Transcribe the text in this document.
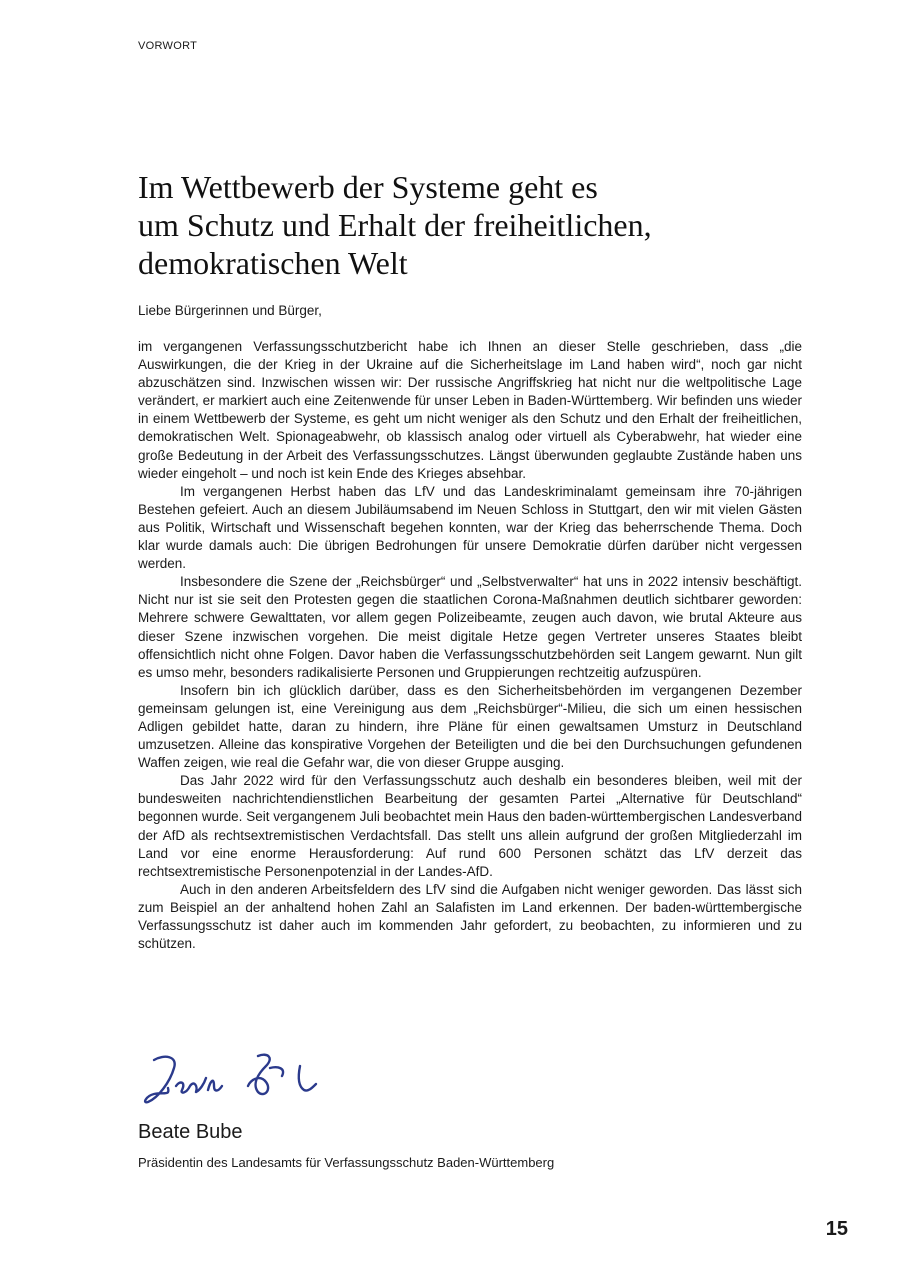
VORWORT
Im Wettbewerb der Systeme geht es
um Schutz und Erhalt der freiheitlichen,
demokratischen Welt
Liebe Bürgerinnen und Bürger,

im vergangenen Verfassungsschutzbericht habe ich Ihnen an dieser Stelle geschrieben, dass „die Auswirkungen, die der Krieg in der Ukraine auf die Sicherheitslage im Land haben wird“, noch gar nicht abzuschätzen sind. Inzwischen wissen wir: Der russische Angriffskrieg hat nicht nur die weltpolitische Lage verändert, er markiert auch eine Zeitenwende für unser Leben in Baden-Württemberg. Wir befinden uns wieder in einem Wettbewerb der Systeme, es geht um nicht weniger als den Schutz und den Erhalt der freiheitlichen, demokratischen Welt. Spionageabwehr, ob klassisch analog oder virtuell als Cyberabwehr, hat wieder eine große Bedeutung in der Arbeit des Verfassungsschutzes. Längst überwunden geglaubte Zustände haben uns wieder eingeholt – und noch ist kein Ende des Krieges absehbar.

Im vergangenen Herbst haben das LfV und das Landeskriminalamt gemeinsam ihre 70-jährigen Bestehen gefeiert. Auch an diesem Jubiläumsabend im Neuen Schloss in Stuttgart, den wir mit vielen Gästen aus Politik, Wirtschaft und Wissenschaft begehen konnten, war der Krieg das beherrschende Thema. Doch klar wurde damals auch: Die übrigen Bedrohungen für unsere Demokratie dürfen darüber nicht vergessen werden.

Insbesondere die Szene der „Reichsbürger“ und „Selbstverwalter“ hat uns in 2022 intensiv beschäftigt. Nicht nur ist sie seit den Protesten gegen die staatlichen Corona-Maßnahmen deutlich sichtbarer geworden: Mehrere schwere Gewalttaten, vor allem gegen Polizeibeamte, zeugen auch davon, wie brutal Akteure aus dieser Szene inzwischen vorgehen. Die meist digitale Hetze gegen Vertreter unseres Staates bleibt offensichtlich nicht ohne Folgen. Davor haben die Verfassungsschutzbehörden seit Langem gewarnt. Nun gilt es umso mehr, besonders radikalisierte Personen und Gruppierungen rechtzeitig aufzuspüren.

Insofern bin ich glücklich darüber, dass es den Sicherheitsbehörden im vergangenen Dezember gemeinsam gelungen ist, eine Vereinigung aus dem „Reichsbürger“-Milieu, die sich um einen hessischen Adligen gebildet hatte, daran zu hindern, ihre Pläne für einen gewaltsamen Umsturz in Deutschland umzusetzen. Alleine das konspirative Vorgehen der Beteiligten und die bei den Durchsuchungen gefundenen Waffen zeigen, wie real die Gefahr war, die von dieser Gruppe ausging.

Das Jahr 2022 wird für den Verfassungsschutz auch deshalb ein besonderes bleiben, weil mit der bundesweiten nachrichtendienstlichen Bearbeitung der gesamten Partei „Alternative für Deutschland“ begonnen wurde. Seit vergangenem Juli beobachtet mein Haus den baden-württembergischen Landesverband der AfD als rechtsextremistischen Verdachtsfall. Das stellt uns allein aufgrund der großen Mitgliederzahl im Land vor eine enorme Herausforderung: Auf rund 600 Personen schätzt das LfV derzeit das rechtsextremistische Personenpotenzial in der Landes-AfD.

Auch in den anderen Arbeitsfeldern des LfV sind die Aufgaben nicht weniger geworden. Das lässt sich zum Beispiel an der anhaltend hohen Zahl an Salafisten im Land erkennen. Der baden-württembergische Verfassungsschutz ist daher auch im kommenden Jahr gefordert, zu beobachten, zu informieren und zu schützen.

Beate Bube
Präsidentin des Landesamts für Verfassungsschutz Baden-Württemberg
15
